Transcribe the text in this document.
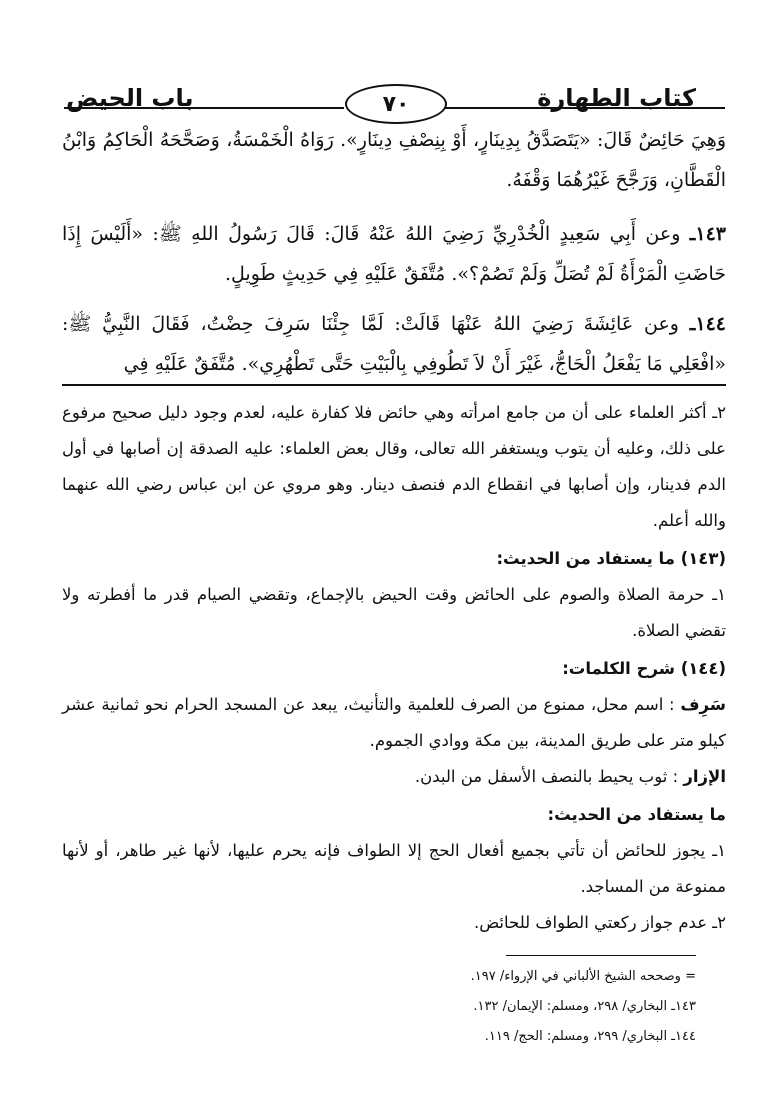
كتاب الطهارة
٧٠
باب الحيض

وَهِيَ حَائِضٌ قَالَ: «يَتَصَدَّقُ بِدِينَارٍ، أَوْ بِنِصْفِ دِينَارٍ». رَوَاهُ الْخَمْسَةُ، وَصَحَّحَهُ الْحَاكِمُ وَابْنُ الْقَطَّانِ، وَرَجَّحَ غَيْرُهُمَا وَقْفَهُ.

١٤٣ـ وعن أَبِي سَعِيدٍ الْخُدْرِيِّ رَضِيَ اللهُ عَنْهُ قَالَ: قَالَ رَسُولُ اللهِ ﷺ: «أَلَيْسَ إِذَا حَاضَتِ الْمَرْأَةُ لَمْ تُصَلِّ وَلَمْ تَصُمْ؟». مُتَّفَقٌ عَلَيْهِ فِي حَدِيثٍ طَوِيلٍ.

١٤٤ـ وعن عَائِشَةَ رَضِيَ اللهُ عَنْهَا قَالَتْ: لَمَّا جِئْنَا سَرِفَ حِضْتُ، فَقَالَ النَّبِيُّ ﷺ: «افْعَلِي مَا يَفْعَلُ الْحَاجُّ، غَيْرَ أَنْ لاَ تَطُوفِي بِالْبَيْتِ حَتَّى تَطْهُرِي». مُتَّفَقٌ عَلَيْهِ فِي

٢ـ أكثر العلماء على أن من جامع امرأته وهي حائض فلا كفارة عليه، لعدم وجود دليل صحيح مرفوع على ذلك، وعليه أن يتوب ويستغفر الله تعالى، وقال بعض العلماء: عليه الصدقة إن أصابها في أول الدم فدينار، وإن أصابها في انقطاع الدم فنصف دينار. وهو مروي عن ابن عباس رضي الله عنهما والله أعلم.

(١٤٣) ما يستفاد من الحديث:

١ـ حرمة الصلاة والصوم على الحائض وقت الحيض بالإجماع، وتقضي الصيام قدر ما أفطرته ولا تقضي الصلاة.

(١٤٤) شرح الكلمات:

سَرِف : اسم محل، ممنوع من الصرف للعلمية والتأنيث، يبعد عن المسجد الحرام نحو ثمانية عشر كيلو متر على طريق المدينة، بين مكة ووادي الجموم.

الإزار : ثوب يحيط بالنصف الأسفل من البدن.

ما يستفاد من الحديث:

١ـ يجوز للحائض أن تأتي بجميع أفعال الحج إلا الطواف فإنه يحرم عليها، لأنها غير طاهر، أو لأنها ممنوعة من المساجد.

٢ـ عدم جواز ركعتي الطواف للحائض.

= وصححه الشيخ الألباني في الإرواء/ ١٩٧.

١٤٣ـ البخاري/ ٢٩٨، ومسلم: الإيمان/ ١٣٢.

١٤٤ـ البخاري/ ٢٩٩، ومسلم: الحج/ ١١٩.
